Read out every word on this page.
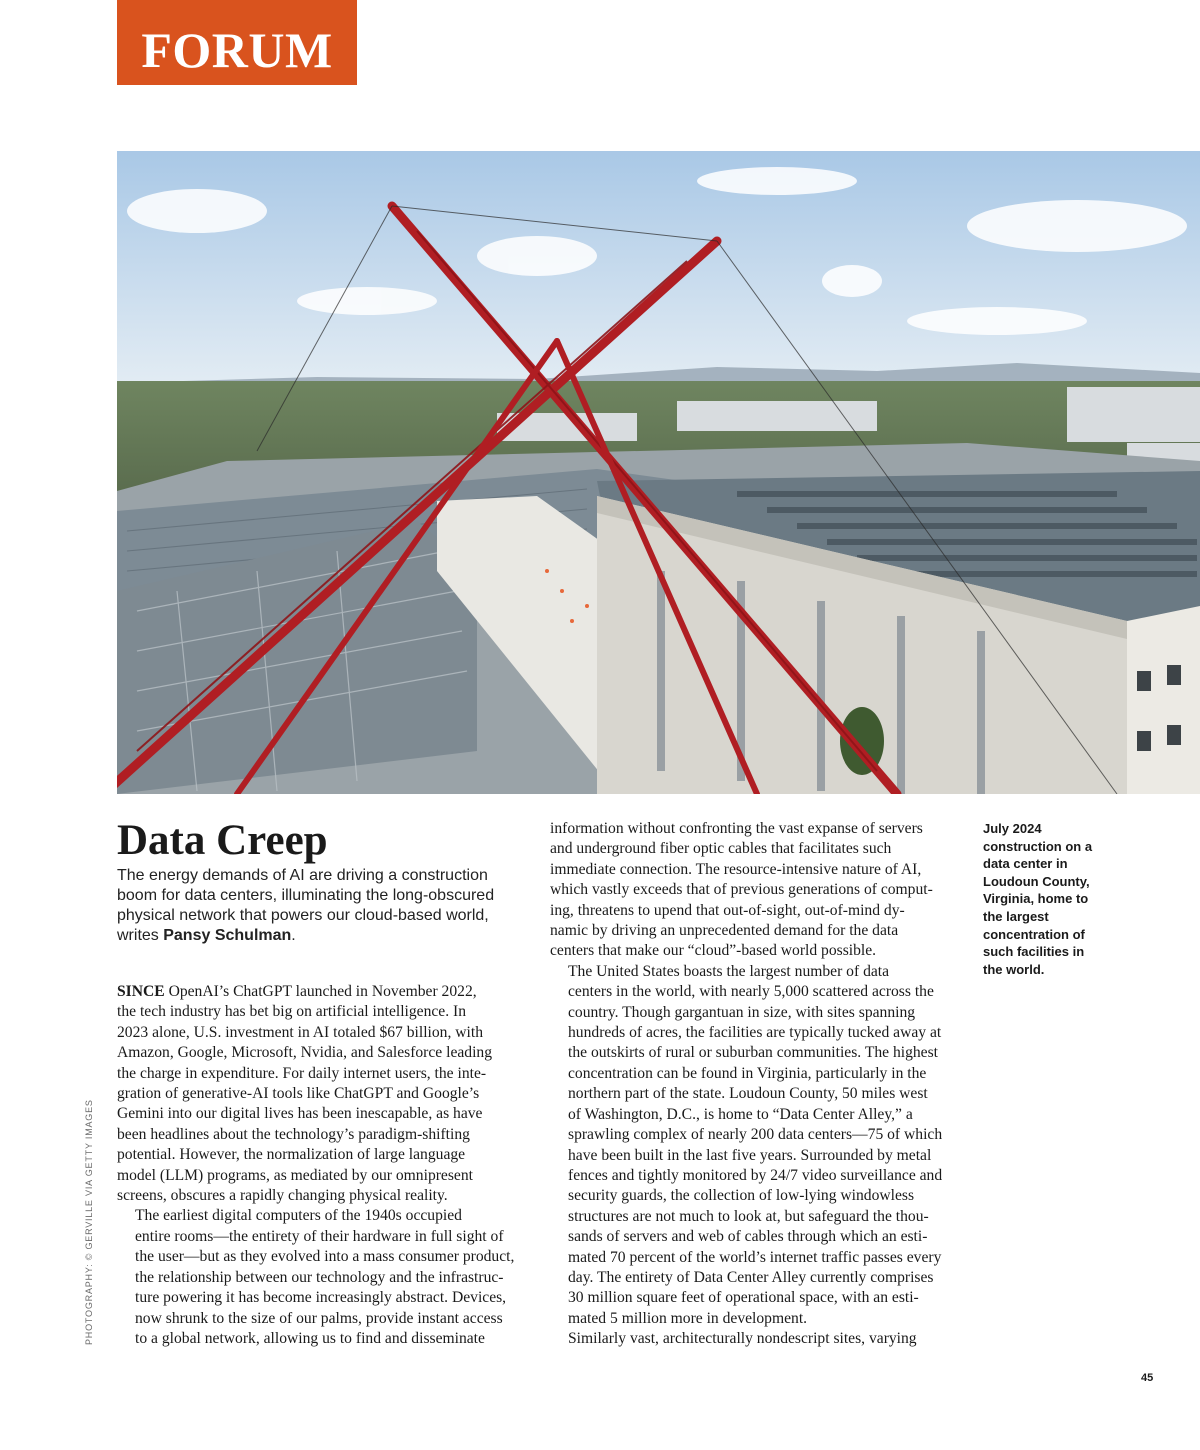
FORUM
PHOTOGRAPHY: © GERVILLE VIA GETTY IMAGES
Data Creep

The energy demands of AI are driving a construction boom for data centers, illuminating the long-obscured physical network that powers our cloud-based world, writes Pansy Schulman.

SINCE OpenAI’s ChatGPT launched in November 2022,
the tech industry has bet big on artificial intelligence. In
2023 alone, U.S. investment in AI totaled $67 billion, with
Amazon, Google, Microsoft, Nvidia, and Salesforce leading
the charge in expenditure. For daily internet users, the inte-
gration of generative-AI tools like ChatGPT and Google’s
Gemini into our digital lives has been inescapable, as have
been headlines about the technology’s paradigm-shifting
potential. However, the normalization of large language
model (LLM) programs, as mediated by our omnipresent
screens, obscures a rapidly changing physical reality.

The earliest digital computers of the 1940s occupied
entire rooms—the entirety of their hardware in full sight of
the user—but as they evolved into a mass consumer product,
the relationship between our technology and the infrastruc-
ture powering it has become increasingly abstract. Devices,
now shrunk to the size of our palms, provide instant access
to a global network, allowing us to find and disseminate

information without confronting the vast expanse of servers
and underground fiber optic cables that facilitates such
immediate connection. The resource-intensive nature of AI,
which vastly exceeds that of previous generations of comput-
ing, threatens to upend that out-of-sight, out-of-mind dy-
namic by driving an unprecedented demand for the data
centers that make our “cloud”-based world possible.

The United States boasts the largest number of data
centers in the world, with nearly 5,000 scattered across the
country. Though gargantuan in size, with sites spanning
hundreds of acres, the facilities are typically tucked away at
the outskirts of rural or suburban communities. The highest
concentration can be found in Virginia, particularly in the
northern part of the state. Loudoun County, 50 miles west
of Washington, D.C., is home to “Data Center Alley,” a
sprawling complex of nearly 200 data centers—75 of which
have been built in the last five years. Surrounded by metal
fences and tightly monitored by 24/7 video surveillance and
security guards, the collection of low-lying windowless
structures are not much to look at, but safeguard the thou-
sands of servers and web of cables through which an esti-
mated 70 percent of the world’s internet traffic passes every
day. The entirety of Data Center Alley currently comprises
30 million square feet of operational space, with an esti-
mated 5 million more in development.

Similarly vast, architecturally nondescript sites, varying

July 2024 construction on a data center in Loudoun County, Virginia, home to the largest concentration of such facilities in the world.

45
